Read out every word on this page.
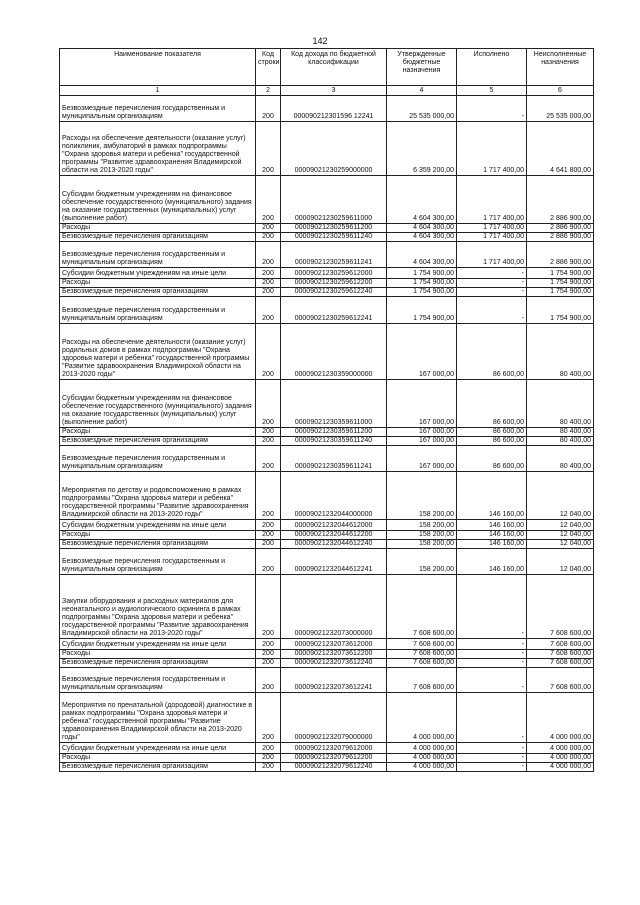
142
Наименование показателя	Код строки	Код дохода по бюджетной классификации	Утвержденные бюджетные назначения	Исполнено	Неисполненные назначения
1	2	3	4	5	6
Безвозмездные перечисления государственным и муниципальным организациям	200	000090212301596 12241	25 535 000,00	-	25 535 000,00
Расходы на обеспечение деятельности (оказание услуг) поликлиник, амбулаторий в рамках подпрограммы "Охрана здоровья матери и ребенка" государственной программы "Развитие здравоохранения Владимирской области на 2013-2020 годы"	200	00009021230259000000	6 359 200,00	1 717 400,00	4 641 800,00
Субсидии бюджетным учреждениям на финансовое обеспечение государственного (муниципального) задания на оказание государственных (муниципальных) услуг (выполнение работ)	200	00009021230259611000	4 604 300,00	1 717 400,00	2 886 900,00
Расходы	200	00009021230259611200	4 604 300,00	1 717 400,00	2 886 900,00
Безвозмездные перечисления организациям	200	00009021230259611240	4 604 300,00	1 717 400,00	2 886 900,00
Безвозмездные перечисления государственным и муниципальным организациям	200	00009021230259611241	4 604 300,00	1 717 400,00	2 886 900,00
Субсидии бюджетным учреждениям на иные цели	200	00009021230259612000	1 754 900,00	-	1 754 900,00
Расходы	200	00009021230259612200	1 754 900,00	-	1 754 900,00
Безвозмездные перечисления организациям	200	00009021230259612240	1 754 900,00	-	1 754 900,00
Безвозмездные перечисления государственным и муниципальным организациям	200	00009021230259612241	1 754 900,00	-	1 754 900,00
Расходы на обеспечение деятельности (оказание услуг) родильных домов в рамках подпрограммы "Охрана здоровья матери и ребенка" государственной программы "Развитие здравоохранения Владимирской области на 2013-2020 годы"	200	00009021230359000000	167 000,00	86 600,00	80 400,00
Субсидии бюджетным учреждениям на финансовое обеспечение государственного (муниципального) задания на оказание государственных (муниципальных) услуг (выполнение работ)	200	00009021230359611000	167 000,00	86 600,00	80 400,00
Расходы	200	00009021230359611200	167 000,00	86 600,00	80 400,00
Безвозмездные перечисления организациям	200	00009021230359611240	167 000,00	86 600,00	80 400,00
Безвозмездные перечисления государственным и муниципальным организациям	200	00009021230359611241	167 000,00	86 600,00	80 400,00
Мероприятия по детству и родовспоможению в рамках подпрограммы "Охрана здоровья матери и ребенка" государственной программы "Развитие здравоохранения Владимирской области на 2013-2020 годы"	200	00009021232044000000	158 200,00	146 160,00	12 040,00
Субсидии бюджетным учреждениям на иные цели	200	00009021232044612000	158 200,00	146 160,00	12 040,00
Расходы	200	00009021232044612200	158 200,00	146 160,00	12 040,00
Безвозмездные перечисления организациям	200	00009021232044612240	158 200,00	146 160,00	12 040,00
Безвозмездные перечисления государственным и муниципальным организациям	200	00009021232044612241	158 200,00	146 160,00	12 040,00
Закупки оборудования и расходных материалов для неонатального и аудиологического скрининга в рамках подпрограммы "Охрана здоровья матери и ребенка" государственной программы "Развитие здравоохранения Владимирской области на 2013-2020 годы"	200	00009021232073000000	7 608 600,00	-	7 608 600,00
Субсидии бюджетным учреждениям на иные цели	200	00009021232073612000	7 608 600,00	-	7 608 600,00
Расходы	200	00009021232073612200	7 608 600,00	-	7 608 600,00
Безвозмездные перечисления организациям	200	00009021232073612240	7 608 600,00	-	7 608 600,00
Безвозмездные перечисления государственным и муниципальным организациям	200	00009021232073612241	7 608 600,00	-	7 608 600,00
Мероприятия по пренатальной (дородовой) диагностике в рамках подпрограммы "Охрана здоровья матери и ребенка" государственной программы "Развитие здравоохранения Владимирской области на 2013-2020 годы"	200	00009021232079000000	4 000 000,00	-	4 000 000,00
Субсидии бюджетным учреждениям на иные цели	200	00009021232079612000	4 000 000,00	-	4 000 000,00
Расходы	200	00009021232079612200	4 000 000,00	-	4 000 000,00
Безвозмездные перечисления организациям	200	00009021232079612240	4 000 000,00	-	4 000 000,00
